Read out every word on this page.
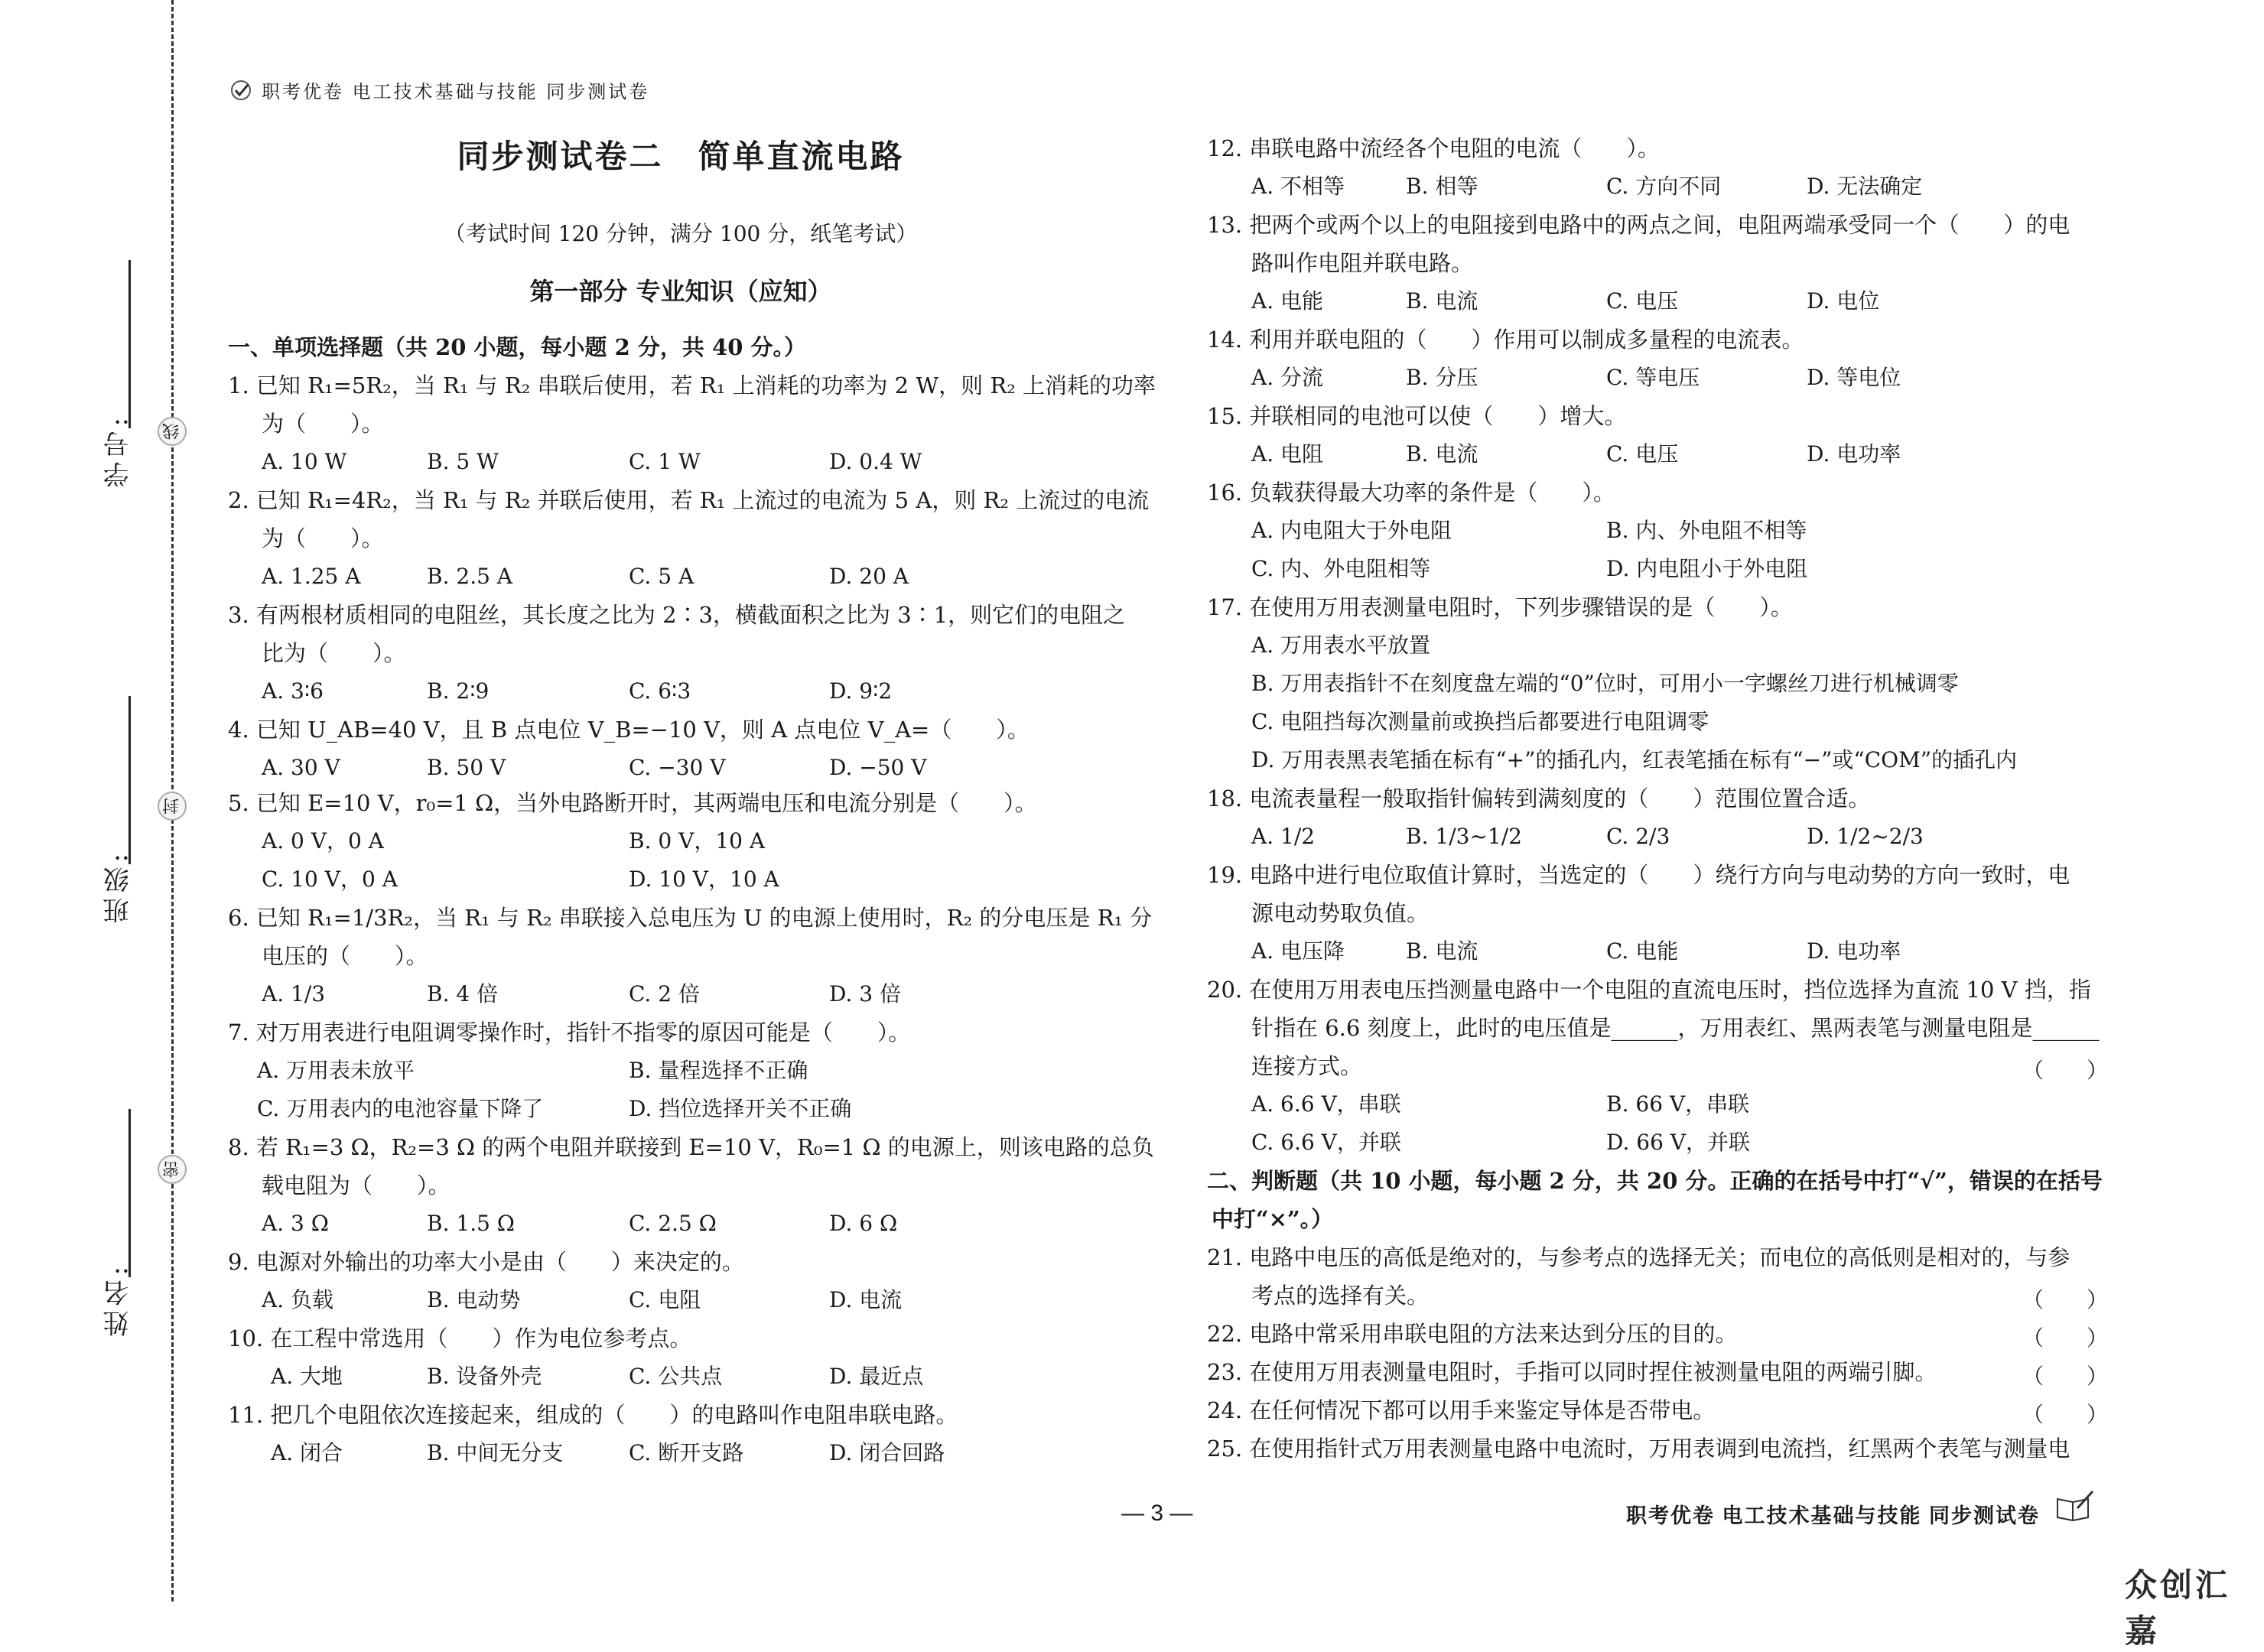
学号:	线
班级:
封
姓名:
密
职考优卷 电工技术基础与技能 同步测试卷
同步测试卷二　简单直流电路
（考试时间 120 分钟，满分 100 分，纸笔考试）
第一部分 专业知识（应知）
一、单项选择题（共 20 小题，每小题 2 分，共 40 分。）
1. 已知 R₁=5R₂，当 R₁ 与 R₂ 串联后使用，若 R₁ 上消耗的功率为 2 W，则 R₂ 上消耗的功率
为（　　）。
A. 10 W	B. 5 W	C. 1 W	D. 0.4 W
2. 已知 R₁=4R₂，当 R₁ 与 R₂ 并联后使用，若 R₁ 上流过的电流为 5 A，则 R₂ 上流过的电流
为（　　）。
A. 1.25 A	B. 2.5 A	C. 5 A	D. 20 A
3. 有两根材质相同的电阻丝，其长度之比为 2∶3，横截面积之比为 3∶1，则它们的电阻之
比为（　　）。
A. 3∶6	B. 2∶9	C. 6∶3	D. 9∶2
4. 已知 U_AB=40 V，且 B 点电位 V_B=−10 V，则 A 点电位 V_A=（　　）。
A. 30 V	B. 50 V	C. −30 V	D. −50 V
5. 已知 E=10 V，r₀=1 Ω，当外电路断开时，其两端电压和电流分别是（　　）。
A. 0 V，0 A	B. 0 V，10 A
C. 10 V，0 A	D. 10 V，10 A
6. 已知 R₁=1/3R₂，当 R₁ 与 R₂ 串联接入总电压为 U 的电源上使用时，R₂ 的分电压是 R₁ 分
电压的（　　）。
A. 1/3	B. 4 倍	C. 2 倍	D. 3 倍
7. 对万用表进行电阻调零操作时，指针不指零的原因可能是（　　）。
A. 万用表未放平	B. 量程选择不正确
C. 万用表内的电池容量下降了	D. 挡位选择开关不正确
8. 若 R₁=3 Ω，R₂=3 Ω 的两个电阻并联接到 E=10 V，R₀=1 Ω 的电源上，则该电路的总负
载电阻为（　　）。
A. 3 Ω	B. 1.5 Ω	C. 2.5 Ω	D. 6 Ω
9. 电源对外输出的功率大小是由（　　）来决定的。
A. 负载	B. 电动势	C. 电阻	D. 电流
10. 在工程中常选用（　　）作为电位参考点。
A. 大地	B. 设备外壳	C. 公共点	D. 最近点
11. 把几个电阻依次连接起来，组成的（　　）的电路叫作电阻串联电路。
A. 闭合	B. 中间无分支	C. 断开支路	D. 闭合回路
12. 串联电路中流经各个电阻的电流（　　）。
A. 不相等	B. 相等	C. 方向不同	D. 无法确定
13. 把两个或两个以上的电阻接到电路中的两点之间，电阻两端承受同一个（　　）的电
路叫作电阻并联电路。
A. 电能	B. 电流	C. 电压	D. 电位
14. 利用并联电阻的（　　）作用可以制成多量程的电流表。
A. 分流	B. 分压	C. 等电压	D. 等电位
15. 并联相同的电池可以使（　　）增大。
A. 电阻	B. 电流	C. 电压	D. 电功率
16. 负载获得最大功率的条件是（　　）。
A. 内电阻大于外电阻	B. 内、外电阻不相等
C. 内、外电阻相等	D. 内电阻小于外电阻
17. 在使用万用表测量电阻时，下列步骤错误的是（　　）。
A. 万用表水平放置
B. 万用表指针不在刻度盘左端的“0”位时，可用小一字螺丝刀进行机械调零
C. 电阻挡每次测量前或换挡后都要进行电阻调零
D. 万用表黑表笔插在标有“+”的插孔内，红表笔插在标有“−”或“COM”的插孔内
18. 电流表量程一般取指针偏转到满刻度的（　　）范围位置合适。
A. 1/2	B. 1/3~1/2	C. 2/3	D. 1/2~2/3
19. 电路中进行电位取值计算时，当选定的（　　）绕行方向与电动势的方向一致时，电
源电动势取负值。
A. 电压降	B. 电流	C. 电能	D. 电功率
20. 在使用万用表电压挡测量电路中一个电阻的直流电压时，挡位选择为直流 10 V 挡，指
针指在 6.6 刻度上，此时的电压值是______，万用表红、黑两表笔与测量电阻是______
连接方式。	（　　）
A. 6.6 V，串联	B. 66 V，串联
C. 6.6 V，并联	D. 66 V，并联
二、判断题（共 10 小题，每小题 2 分，共 20 分。正确的在括号中打“√”，错误的在括号
中打“×”。）
21. 电路中电压的高低是绝对的，与参考点的选择无关；而电位的高低则是相对的，与参
考点的选择有关。	（　　）
22. 电路中常采用串联电阻的方法来达到分压的目的。	（　　）
23. 在使用万用表测量电阻时，手指可以同时捏住被测量电阻的两端引脚。	（　　）
24. 在任何情况下都可以用手来鉴定导体是否带电。	（　　）
25. 在使用指针式万用表测量电路中电流时，万用表调到电流挡，红黑两个表笔与测量电
— 3 —	职考优卷 电工技术基础与技能 同步测试卷
众创汇嘉
